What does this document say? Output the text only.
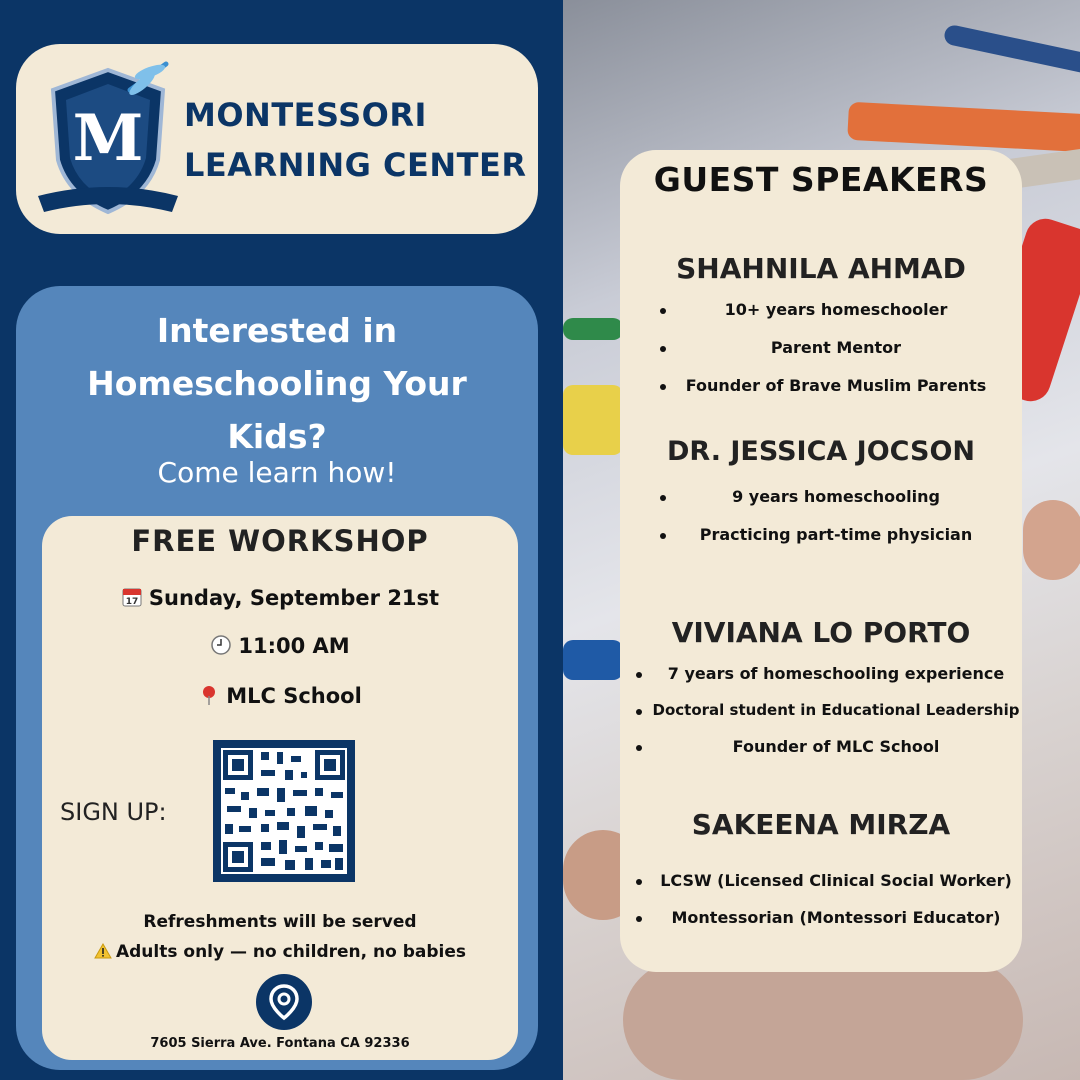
M MONTESSORI
LEARNING CENTER
Interested in
Homeschooling Your
Kids?
Come learn how!
FREE WORKSHOP
17 Sunday, September 21st
11:00 AM
MLC School
SIGN UP:
Refreshments will be served
Adults only — no children, no babies
7605 Sierra Ave. Fontana CA 92336
GUEST SPEAKERS
SHAHNILA AHMAD
10+ years homeschooler
Parent Mentor
Founder of Brave Muslim Parents
DR. JESSICA JOCSON
9 years homeschooling
Practicing part-time physician
VIVIANA LO PORTO
7 years of homeschooling experience
Doctoral student in Educational Leadership
Founder of MLC School
SAKEENA MIRZA
LCSW (Licensed Clinical Social Worker)
Montessorian (Montessori Educator)
